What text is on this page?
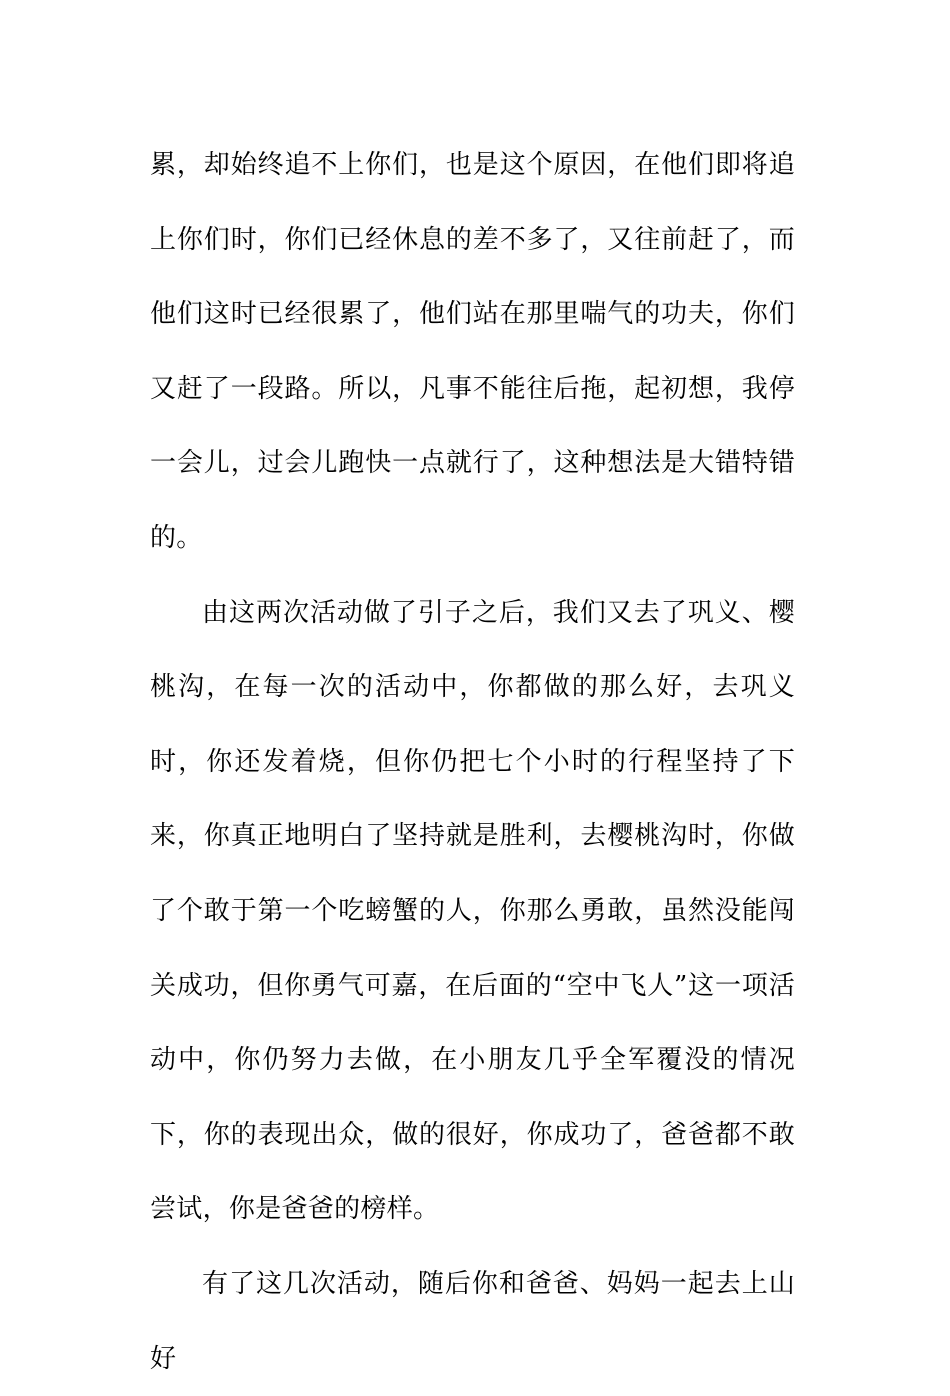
累，却始终追不上你们，也是这个原因，在他们即将追上你们时，你们已经休息的差不多了，又往前赶了，而他们这时已经很累了，他们站在那里喘气的功夫，你们又赶了一段路。所以，凡事不能往后拖，起初想，我停一会儿，过会儿跑快一点就行了，这种想法是大错特错的。

由这两次活动做了引子之后，我们又去了巩义、樱桃沟，在每一次的活动中，你都做的那么好，去巩义时，你还发着烧，但你仍把七个小时的行程坚持了下来，你真正地明白了坚持就是胜利，去樱桃沟时，你做了个敢于第一个吃螃蟹的人，你那么勇敢，虽然没能闯关成功，但你勇气可嘉，在后面的“空中飞人”这一项活动中，你仍努力去做，在小朋友几乎全军覆没的情况下，你的表现出众，做的很好，你成功了，爸爸都不敢尝试，你是爸爸的榜样。

有了这几次活动，随后你和爸爸、妈妈一起去上山好
